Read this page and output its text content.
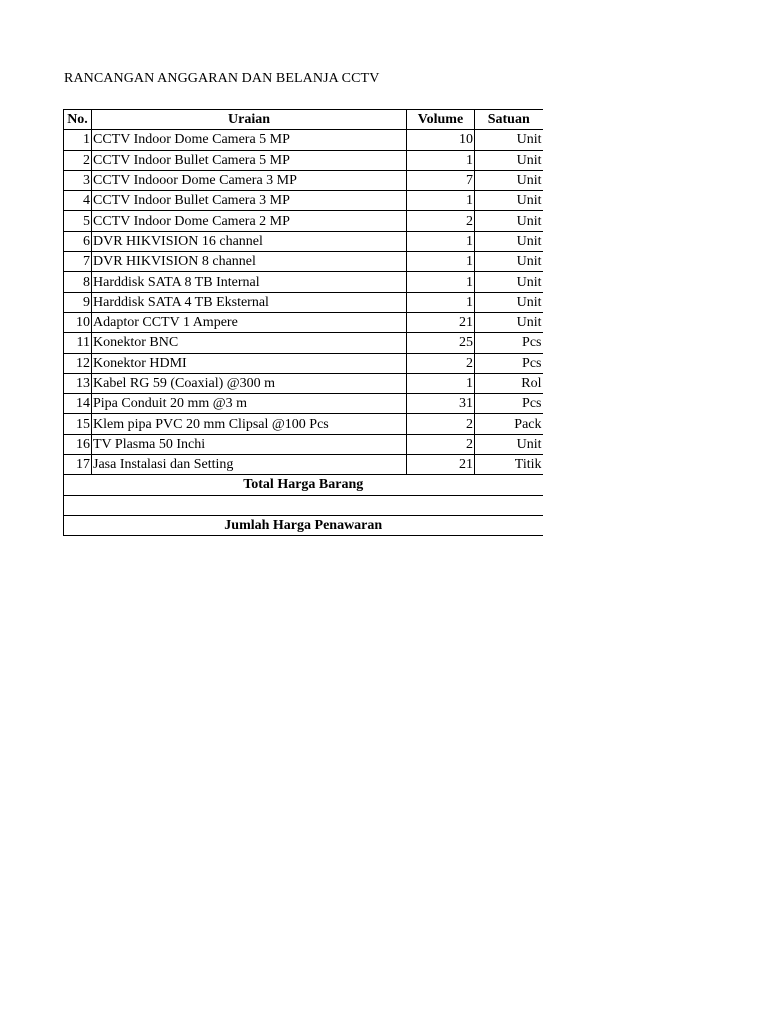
RANCANGAN ANGGARAN DAN BELANJA CCTV
No.	Uraian	Volume	Satuan
1	CCTV Indoor Dome Camera 5 MP	10	Unit
2	CCTV Indoor Bullet Camera 5 MP	1	Unit
3	CCTV Indooor Dome Camera 3 MP	7	Unit
4	CCTV Indoor Bullet Camera 3 MP	1	Unit
5	CCTV Indoor Dome Camera 2 MP	2	Unit
6	DVR HIKVISION 16 channel	1	Unit
7	DVR HIKVISION 8 channel	1	Unit
8	Harddisk SATA 8 TB Internal	1	Unit
9	Harddisk SATA 4 TB Eksternal	1	Unit
10	Adaptor CCTV 1 Ampere	21	Unit
11	Konektor BNC	25	Pcs
12	Konektor HDMI	2	Pcs
13	Kabel RG 59 (Coaxial) @300 m	1	Rol
14	Pipa Conduit 20 mm @3 m	31	Pcs
15	Klem pipa PVC 20 mm Clipsal @100 Pcs	2	Pack
16	TV Plasma 50 Inchi	2	Unit
17	Jasa Instalasi dan Setting	21	Titik
Total Harga Barang			

Jumlah Harga Penawaran			
